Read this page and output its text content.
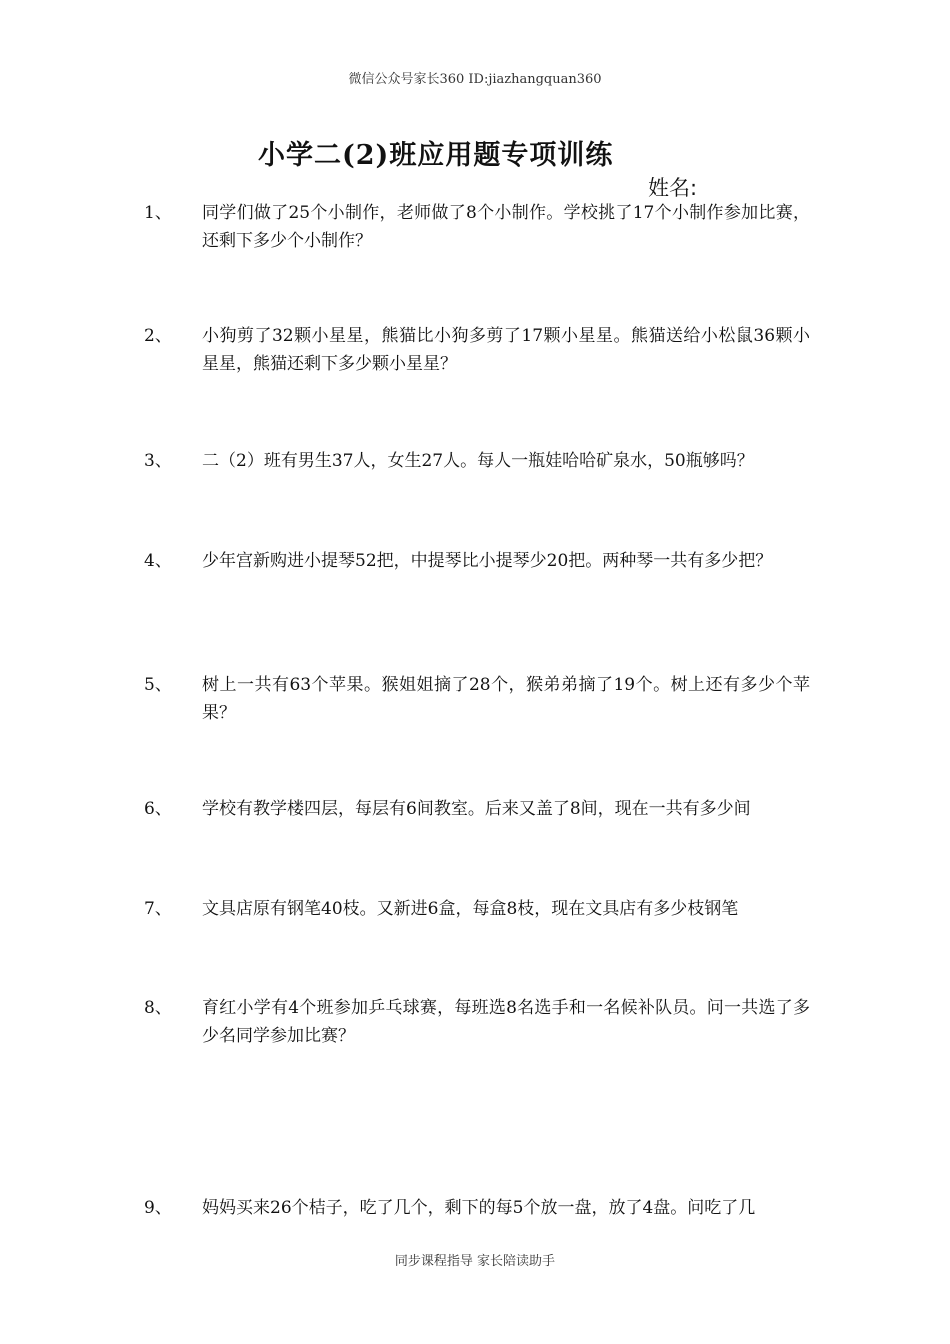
微信公众号家长360 ID:jiazhangquan360
小学二(2)班应用题专项训练
姓名:
1、 同学们做了25个小制作，老师做了8个小制作。学校挑了17个小制作参加比赛，还剩下多少个小制作？
2、 小狗剪了32颗小星星，熊猫比小狗多剪了17颗小星星。熊猫送给小松鼠36颗小星星，熊猫还剩下多少颗小星星？
3、 二（2）班有男生37人，女生27人。每人一瓶娃哈哈矿泉水，50瓶够吗？
4、 少年宫新购进小提琴52把，中提琴比小提琴少20把。两种琴一共有多少把？
5、 树上一共有63个苹果。猴姐姐摘了28个，猴弟弟摘了19个。树上还有多少个苹果？
6、 学校有教学楼四层，每层有6间教室。后来又盖了8间，现在一共有多少间
7、 文具店原有钢笔40枝。又新进6盒，每盒8枝，现在文具店有多少枝钢笔
8、 育红小学有4个班参加乒乓球赛，每班选8名选手和一名候补队员。问一共选了多少名同学参加比赛？
9、 妈妈买来26个桔子，吃了几个，剩下的每5个放一盘，放了4盘。问吃了几
同步课程指导 家长陪读助手
